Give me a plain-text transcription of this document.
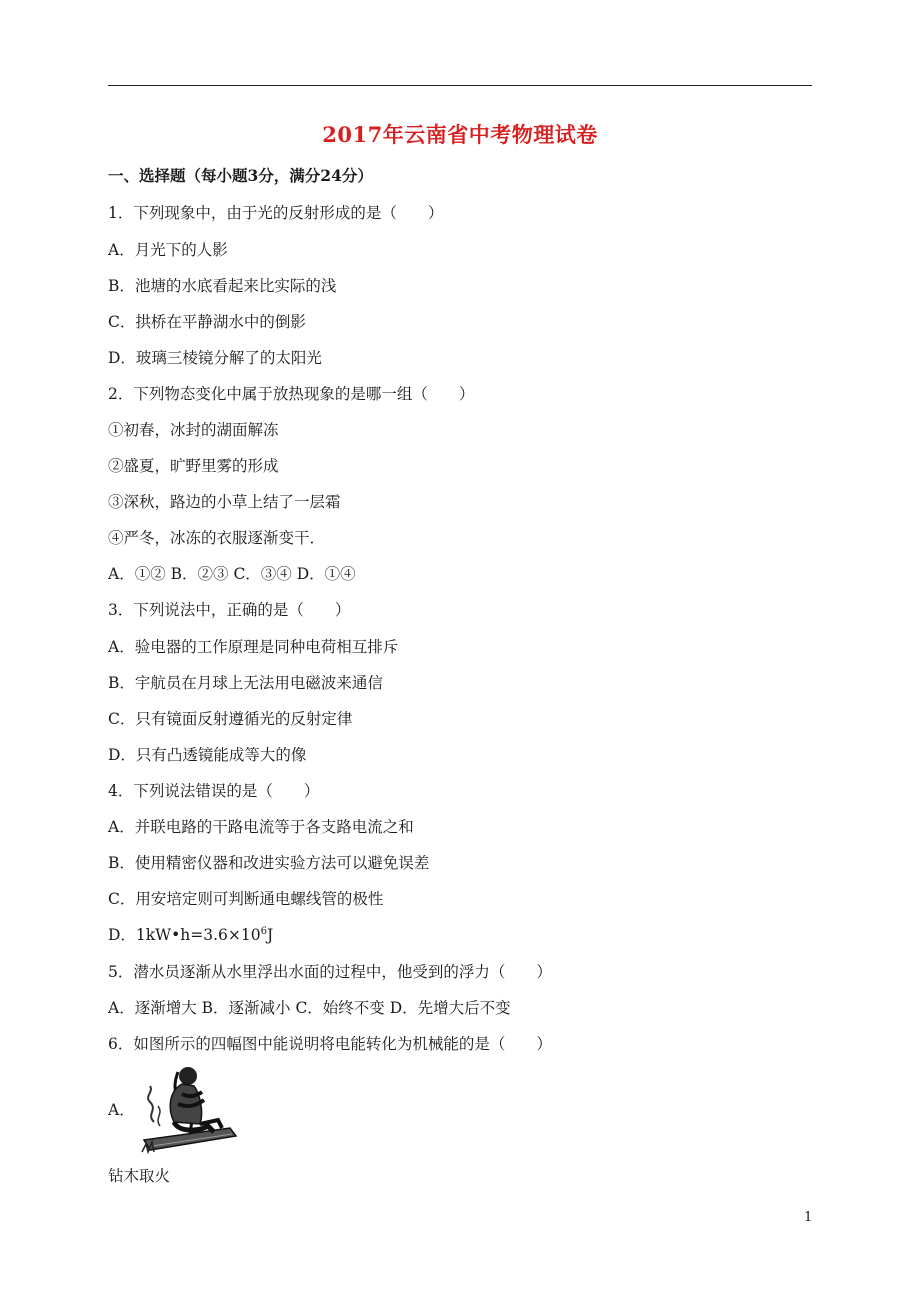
2017年云南省中考物理试卷
一、选择题（每小题3分，满分24分）
1．下列现象中，由于光的反射形成的是（　　）
A．月光下的人影
B．池塘的水底看起来比实际的浅
C．拱桥在平静湖水中的倒影
D．玻璃三棱镜分解了的太阳光
2．下列物态变化中属于放热现象的是哪一组（　　）
①初春，冰封的湖面解冻
②盛夏，旷野里雾的形成
③深秋，路边的小草上结了一层霜
④严冬，冰冻的衣服逐渐变干．
A．①② B．②③ C．③④ D．①④
3．下列说法中，正确的是（　　）
A．验电器的工作原理是同种电荷相互排斥
B．宇航员在月球上无法用电磁波来通信
C．只有镜面反射遵循光的反射定律
D．只有凸透镜能成等大的像
4．下列说法错误的是（　　）
A．并联电路的干路电流等于各支路电流之和
B．使用精密仪器和改进实验方法可以避免误差
C．用安培定则可判断通电螺线管的极性
D．$1kW•h=3.6\times 10^6J$
5．潜水员逐渐从水里浮出水面的过程中，他受到的浮力（　　）
A．逐渐增大 B．逐渐减小 C．始终不变 D．先增大后不变
6．如图所示的四幅图中能说明将电能转化为机械能的是（　　）
A．
钻木取火
1
